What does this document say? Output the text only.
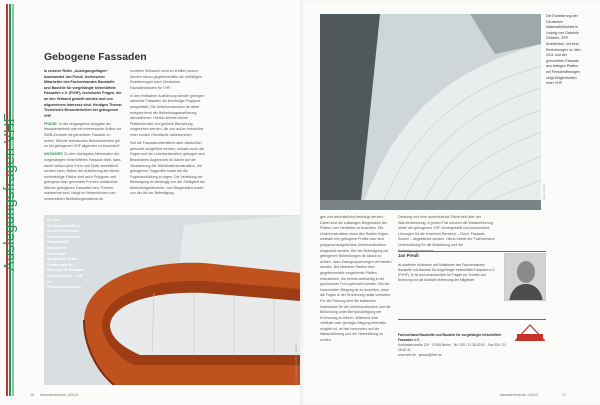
Auslegungsfragen VHF
Gebogene Fassaden

In unserer Reihe „Auslegungsfragen“ beantwortet Jan Preuß, technischer Mitarbeiter des Fachverbandes Baustoffe und Bauteile für vorgehängte hinterlüftete Fassaden e.V. (FVHF), technische Fragen, die an den Verband gestellt werden und von allgemeinem Interesse sind. Heutiges Thema: Technische Besonderheiten bei gebogenen VHF.

FRAGE: In der vergangenen Ausgabe der fassadentechnik war ein interessanter Artikel zur SWB-Zentrale mit gerundeter Fassade zu sehen. Welche technischen Besonderheiten gilt es bei gebogenen VHF allgemein zu beachten?

ANTWORT: Zu den wichtigsten Merkmalen der vorgehängten hinterlüfteten Fassade zählt, dass damit nahezu jede Form und Optik verwirklicht werden kann. Neben der Ausführung als ebene, rechtwinklige Fläche sind auch Polygone und gebogene bzw. gerundete Formen realisierbar. Welche gebogenen Fassaden bzw. Formen realisierbar sind, hängt im Wesentlichen vom verwendeten Bekleidungsmaterial ab.

rundeten Wünsche nicht zu erfüllen lassen, können hierzu gegebenenfalls die vielfältigen Erweiterungen nach Deutschen Fassadenbauern für VHF.

In den einflachen Ausführung werden gebogen wirkende Fassaden als kleinteilige Polygone ausgebildet. Die Unterkonstruktion ist dabei entsprechend der Bekleidungsausführung abzustimmen. Hierbei können kleine Plattenformate und großere Bemaßung vorgesehen werden, die von außen betrachtet einer runden Oberfläche nahekommen.

Soll die Fassadenoberfläche aber tatsächlich gerundet ausgeführt werden, müssen auch die Fugen und die Unterkonstruktion gebogen sein. Besonderes Augenmerk ist darum auf die Verankerung der Wandhalterkonstruktion, die gebogenen Tragprofile sowie auf die Fugenausbildung zu legen. Die Verteilung der Befestigung ist abhängig von der Steifigkeit der Bekleidungselemente, vom Biegeradius sowie von der Art der Befestigung.

Bei der Gebäudegestaltung an der Hochschule Koblenz wurde eine Fassade mit gebogenen Elementen ausgeführt, deren Rundungen die Wirkung der Bauform unterstreichen – VHF mit Faserzementplatten.
Foto: fassadentechnik / Eternit
16 fassadentechnik 1/2013
Die Erweiterung der Deutschen Nationalbibliothek in Leipzig von Gabriele Glöckler, ZSP Architekten, mit ihrer Einrichtungen im Jahr 2011 und der gerundeten Fassade aus farbigen Platten mit Fensteröffnungen zeigt Möglichkeiten einer VHF.
Foto: FVHF

gen und anschließend befestigt werden. Dabei sind die zulässigen Biegeradien der Platten vom Hersteller zu beachten. Die Unterkonstruktion muss den Radien folgen, weshalb hier gebogene Profile oder eine polygonal ausgebildete Unterkonstruktion eingesetzt werden. Bei der Befestigung der gebogenen Bekleidungen ist darauf zu achten, dass Zwangsspannungen vermieden werden. Bei kleineren Radien sind gegebenenfalls vorgeformte Platten einzusetzen, die bereits werkseitig in die gewünschte Form gebracht werden. Bei der horizontalen Biegung ist zu beachten, dass die Fugen in der Krümmung radial verlaufen. Für die Planung sind die statischen Nachweise für die Unterkonstruktion und die Bekleidung unter Berücksichtigung der Krümmung zu führen. Während eine vertikale oder geneigte Biegung ebenfalls möglich ist, ist hier besonders auf die Wasserführung und die Hinterlüftung zu achten.

Deckung und eine ausreichende Sicherheit über der Wärmedämmung. In jedem Fall müssen die Wasserführung hinter der gebogenen VHF sichergestellt und konstruktive Lösungen für die einzelnen Bereiche – Dach, Fassade, Sockel – abgestimmt werden. Hierzu bietet der Fachverband Unterstützung für die Bekleidung und die Befestigungselemente.

Jan Preuß
ist studierter Holzbauer und Mitarbeiter des Fachverbandes Baustoffe und Bauteile für vorgehängte hinterlüftete Fassaden e.V. (FVHF). Er ist dort verantwortlich für Fragen zur Technik und Normung und die fachliche Betreuung der Mitglieder.
Fachverband Baustoffe und Bauteile für vorgehängte hinterlüftete Fassaden e.V.
Kurfürstenstraße 129 · 10785 Berlin · Tel. 030 / 21 28 62 81 · Fax 030 / 21 28 62 41
www.fvhf.de · preuss@fvhf.de
fassadentechnik 1/2013	17
